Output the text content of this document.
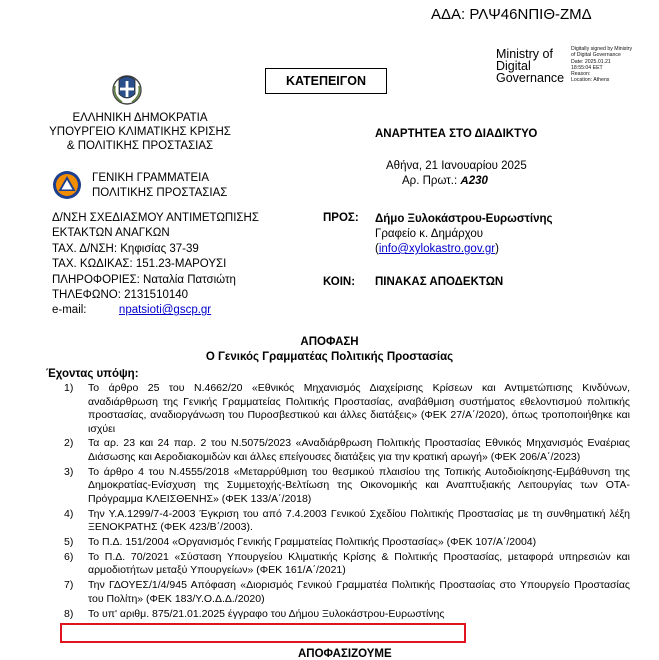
ΑΔΑ: ΡΛΨ46ΝΠΙΘ-ΖΜΔ
Ministry of
Digital
Governance
Digitally signed by Ministry
of Digital Governance
Date: 2025.01.21
18:55:04 EET
Reason:
Location: Athens
ΚΑΤΕΠΕΙΓΟΝ
ΕΛΛΗΝΙΚΗ ΔΗΜΟΚΡΑΤΙΑ
ΥΠΟΥΡΓΕΙΟ ΚΛΙΜΑΤΙΚΗΣ ΚΡΙΣΗΣ
& ΠΟΛΙΤΙΚΗΣ ΠΡΟΣΤΑΣΙΑΣ
ΓΕΝΙΚΗ ΓΡΑΜΜΑΤΕΙΑ
ΠΟΛΙΤΙΚΗΣ ΠΡΟΣΤΑΣΙΑΣ
Δ/ΝΣΗ ΣΧΕΔΙΑΣΜΟΥ ΑΝΤΙΜΕΤΩΠΙΣΗΣ
ΕΚΤΑΚΤΩΝ ΑΝΑΓΚΩΝ
ΤΑΧ. Δ/ΝΣΗ: Κηφισίας 37-39
ΤΑΧ. ΚΩΔΙΚΑΣ: 151.23-ΜΑΡΟΥΣΙ
ΠΛΗΡΟΦΟΡΙΕΣ: Ναταλία Πατσιώτη
ΤΗΛΕΦΩΝΟ: 2131510140
e-mail:	npatsioti@gscp.gr
ΑΝΑΡΤΗΤΕΑ ΣΤΟ ΔΙΑΔΙΚΤΥΟ
Αθήνα, 21 Ιανουαρίου 2025
Αρ. Πρωτ.: Α230
ΠΡΟΣ: Δήμο Ξυλοκάστρου-Ευρωστίνης
Γραφείο κ. Δημάρχου
(info@xylokastro.gov.gr)
ΚΟΙΝ: ΠΙΝΑΚΑΣ ΑΠΟΔΕΚΤΩΝ
ΑΠΟΦΑΣΗ
Ο Γενικός Γραμματέας Πολιτικής Προστασίας
Έχοντας υπόψη:
1) Το άρθρο 25 του Ν.4662/20 «Εθνικός Μηχανισμός Διαχείρισης Κρίσεων και Αντιμετώπισης Κινδύνων, αναδιάρθρωση της Γενικής Γραμματείας Πολιτικής Προστασίας, αναβάθμιση συστήματος εθελοντισμού πολιτικής προστασίας, αναδιοργάνωση του Πυροσβεστικού και άλλες διατάξεις» (ΦΕΚ 27/Α΄/2020), όπως τροποποιήθηκε και ισχύει
2) Τα αρ. 23 και 24 παρ. 2 του Ν.5075/2023 «Αναδιάρθρωση Πολιτικής Προστασίας Εθνικός Μηχανισμός Εναέριας Διάσωσης και Αεροδιακομιδών και άλλες επείγουσες διατάξεις για την κρατική αρωγή» (ΦΕΚ 206/Α΄/2023)
3) Το άρθρο 4 του Ν.4555/2018 «Μεταρρύθμιση του θεσμικού πλαισίου της Τοπικής Αυτοδιοίκησης-Εμβάθυνση της Δημοκρατίας-Ενίσχυση της Συμμετοχής-Βελτίωση της Οικονομικής και Αναπτυξιακής Λειτουργίας των ΟΤΑ-Πρόγραμμα ΚΛΕΙΣΘΕΝΗΣ» (ΦΕΚ 133/Α΄/2018)
4) Την Υ.Α.1299/7-4-2003 Έγκριση του από 7.4.2003 Γενικού Σχεδίου Πολιτικής Προστασίας με τη συνθηματική λέξη ΞΕΝΟΚΡΑΤΗΣ (ΦΕΚ 423/Β΄/2003).
5) Το Π.Δ. 151/2004 «Οργανισμός Γενικής Γραμματείας Πολιτικής Προστασίας» (ΦΕΚ 107/Α΄/2004)
6) Το Π.Δ. 70/2021 «Σύσταση Υπουργείου Κλιματικής Κρίσης & Πολιτικής Προστασίας, μεταφορά υπηρεσιών και αρμοδιοτήτων μεταξύ Υπουργείων» (ΦΕΚ 161/Α΄/2021)
7) Την ΓΔΟΥΕΣ/1/4/945 Απόφαση «Διορισμός Γενικού Γραμματέα Πολιτικής Προστασίας στο Υπουργείο Προστασίας του Πολίτη» (ΦΕΚ 183/Υ.Ο.Δ.Δ./2020)
8) Το υπ' αριθμ. 875/21.01.2025 έγγραφο του Δήμου Ξυλοκάστρου-Ευρωστίνης
ΑΠΟΦΑΣΙΖΟΥΜΕ
